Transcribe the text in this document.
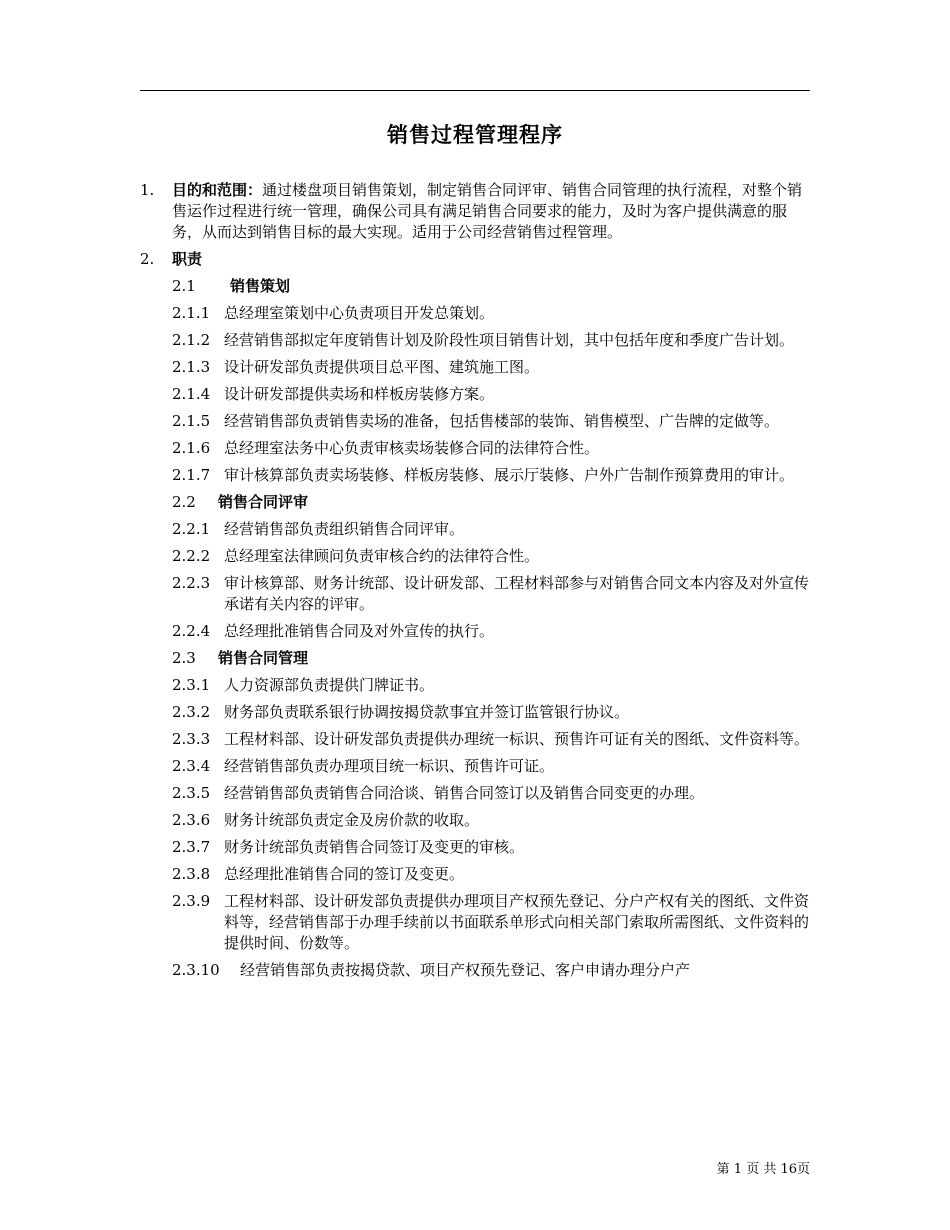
销售过程管理程序
1.	目的和范围：通过楼盘项目销售策划，制定销售合同评审、销售合同管理的执行流程，对整个销售运作过程进行统一管理，确保公司具有满足销售合同要求的能力，及时为客户提供满意的服务，从而达到销售目标的最大实现。适用于公司经营销售过程管理。
2.	职责
2.1	销售策划
2.1.1 总经理室策划中心负责项目开发总策划。
2.1.2 经营销售部拟定年度销售计划及阶段性项目销售计划，其中包括年度和季度广告计划。
2.1.3 设计研发部负责提供项目总平图、建筑施工图。
2.1.4 设计研发部提供卖场和样板房装修方案。
2.1.5 经营销售部负责销售卖场的准备，包括售楼部的装饰、销售模型、广告牌的定做等。
2.1.6 总经理室法务中心负责审核卖场装修合同的法律符合性。
2.1.7 审计核算部负责卖场装修、样板房装修、展示厅装修、户外广告制作预算费用的审计。
2.2	销售合同评审
2.2.1 经营销售部负责组织销售合同评审。
2.2.2 总经理室法律顾问负责审核合约的法律符合性。
2.2.3 审计核算部、财务计统部、设计研发部、工程材料部参与对销售合同文本内容及对外宣传承诺有关内容的评审。
2.2.4 总经理批准销售合同及对外宣传的执行。
2.3	销售合同管理
2.3.1 人力资源部负责提供门牌证书。
2.3.2 财务部负责联系银行协调按揭贷款事宜并签订监管银行协议。
2.3.3 工程材料部、设计研发部负责提供办理统一标识、预售许可证有关的图纸、文件资料等。
2.3.4 经营销售部负责办理项目统一标识、预售许可证。
2.3.5 经营销售部负责销售合同洽谈、销售合同签订以及销售合同变更的办理。
2.3.6 财务计统部负责定金及房价款的收取。
2.3.7 财务计统部负责销售合同签订及变更的审核。
2.3.8 总经理批准销售合同的签订及变更。
2.3.9 工程材料部、设计研发部负责提供办理项目产权预先登记、分户产权有关的图纸、文件资料等，经营销售部于办理手续前以书面联系单形式向相关部门索取所需图纸、文件资料的提供时间、份数等。
2.3.10 经营销售部负责按揭贷款、项目产权预先登记、客户申请办理分户产
第 1 页 共 16页
